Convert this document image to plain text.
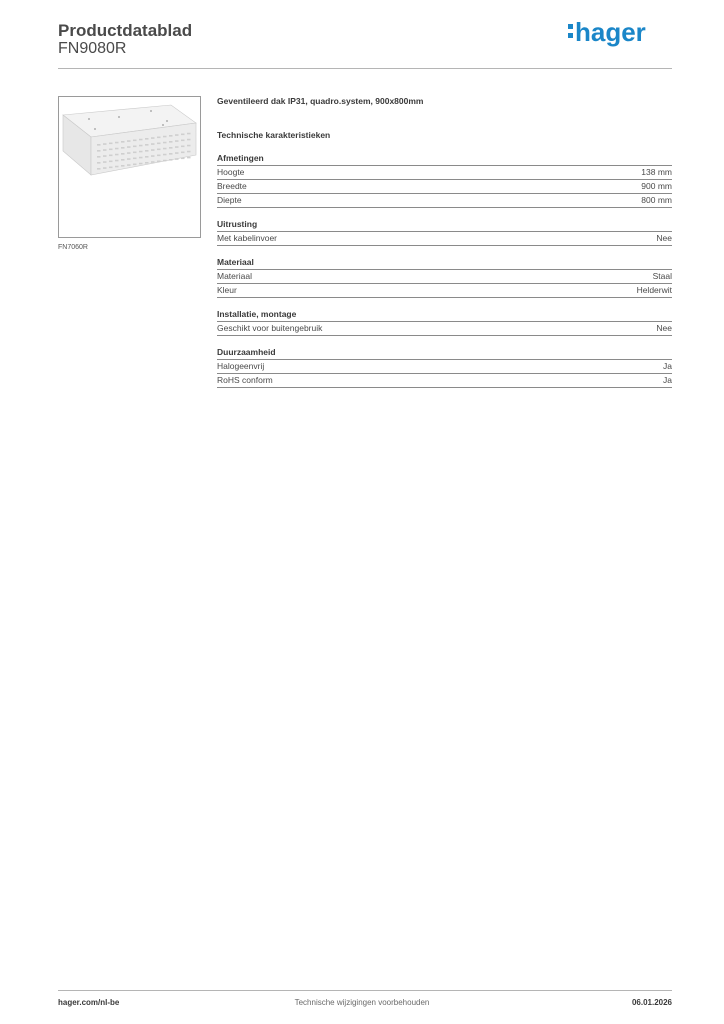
Productdatablad
FN9080R
hager
FN7060R
Geventileerd dak IP31, quadro.system, 900x800mm
Technische karakteristieken
Afmetingen
Hoogte	138 mm
Breedte	900 mm
Diepte	800 mm
Uitrusting
Met kabelinvoer	Nee
Materiaal
Materiaal	Staal
Kleur	Helderwit
Installatie, montage
Geschikt voor buitengebruik	Nee
Duurzaamheid
Halogeenvrij	Ja
RoHS conform	Ja
hager.com/nl-be	Technische wijzigingen voorbehouden	06.01.2026
